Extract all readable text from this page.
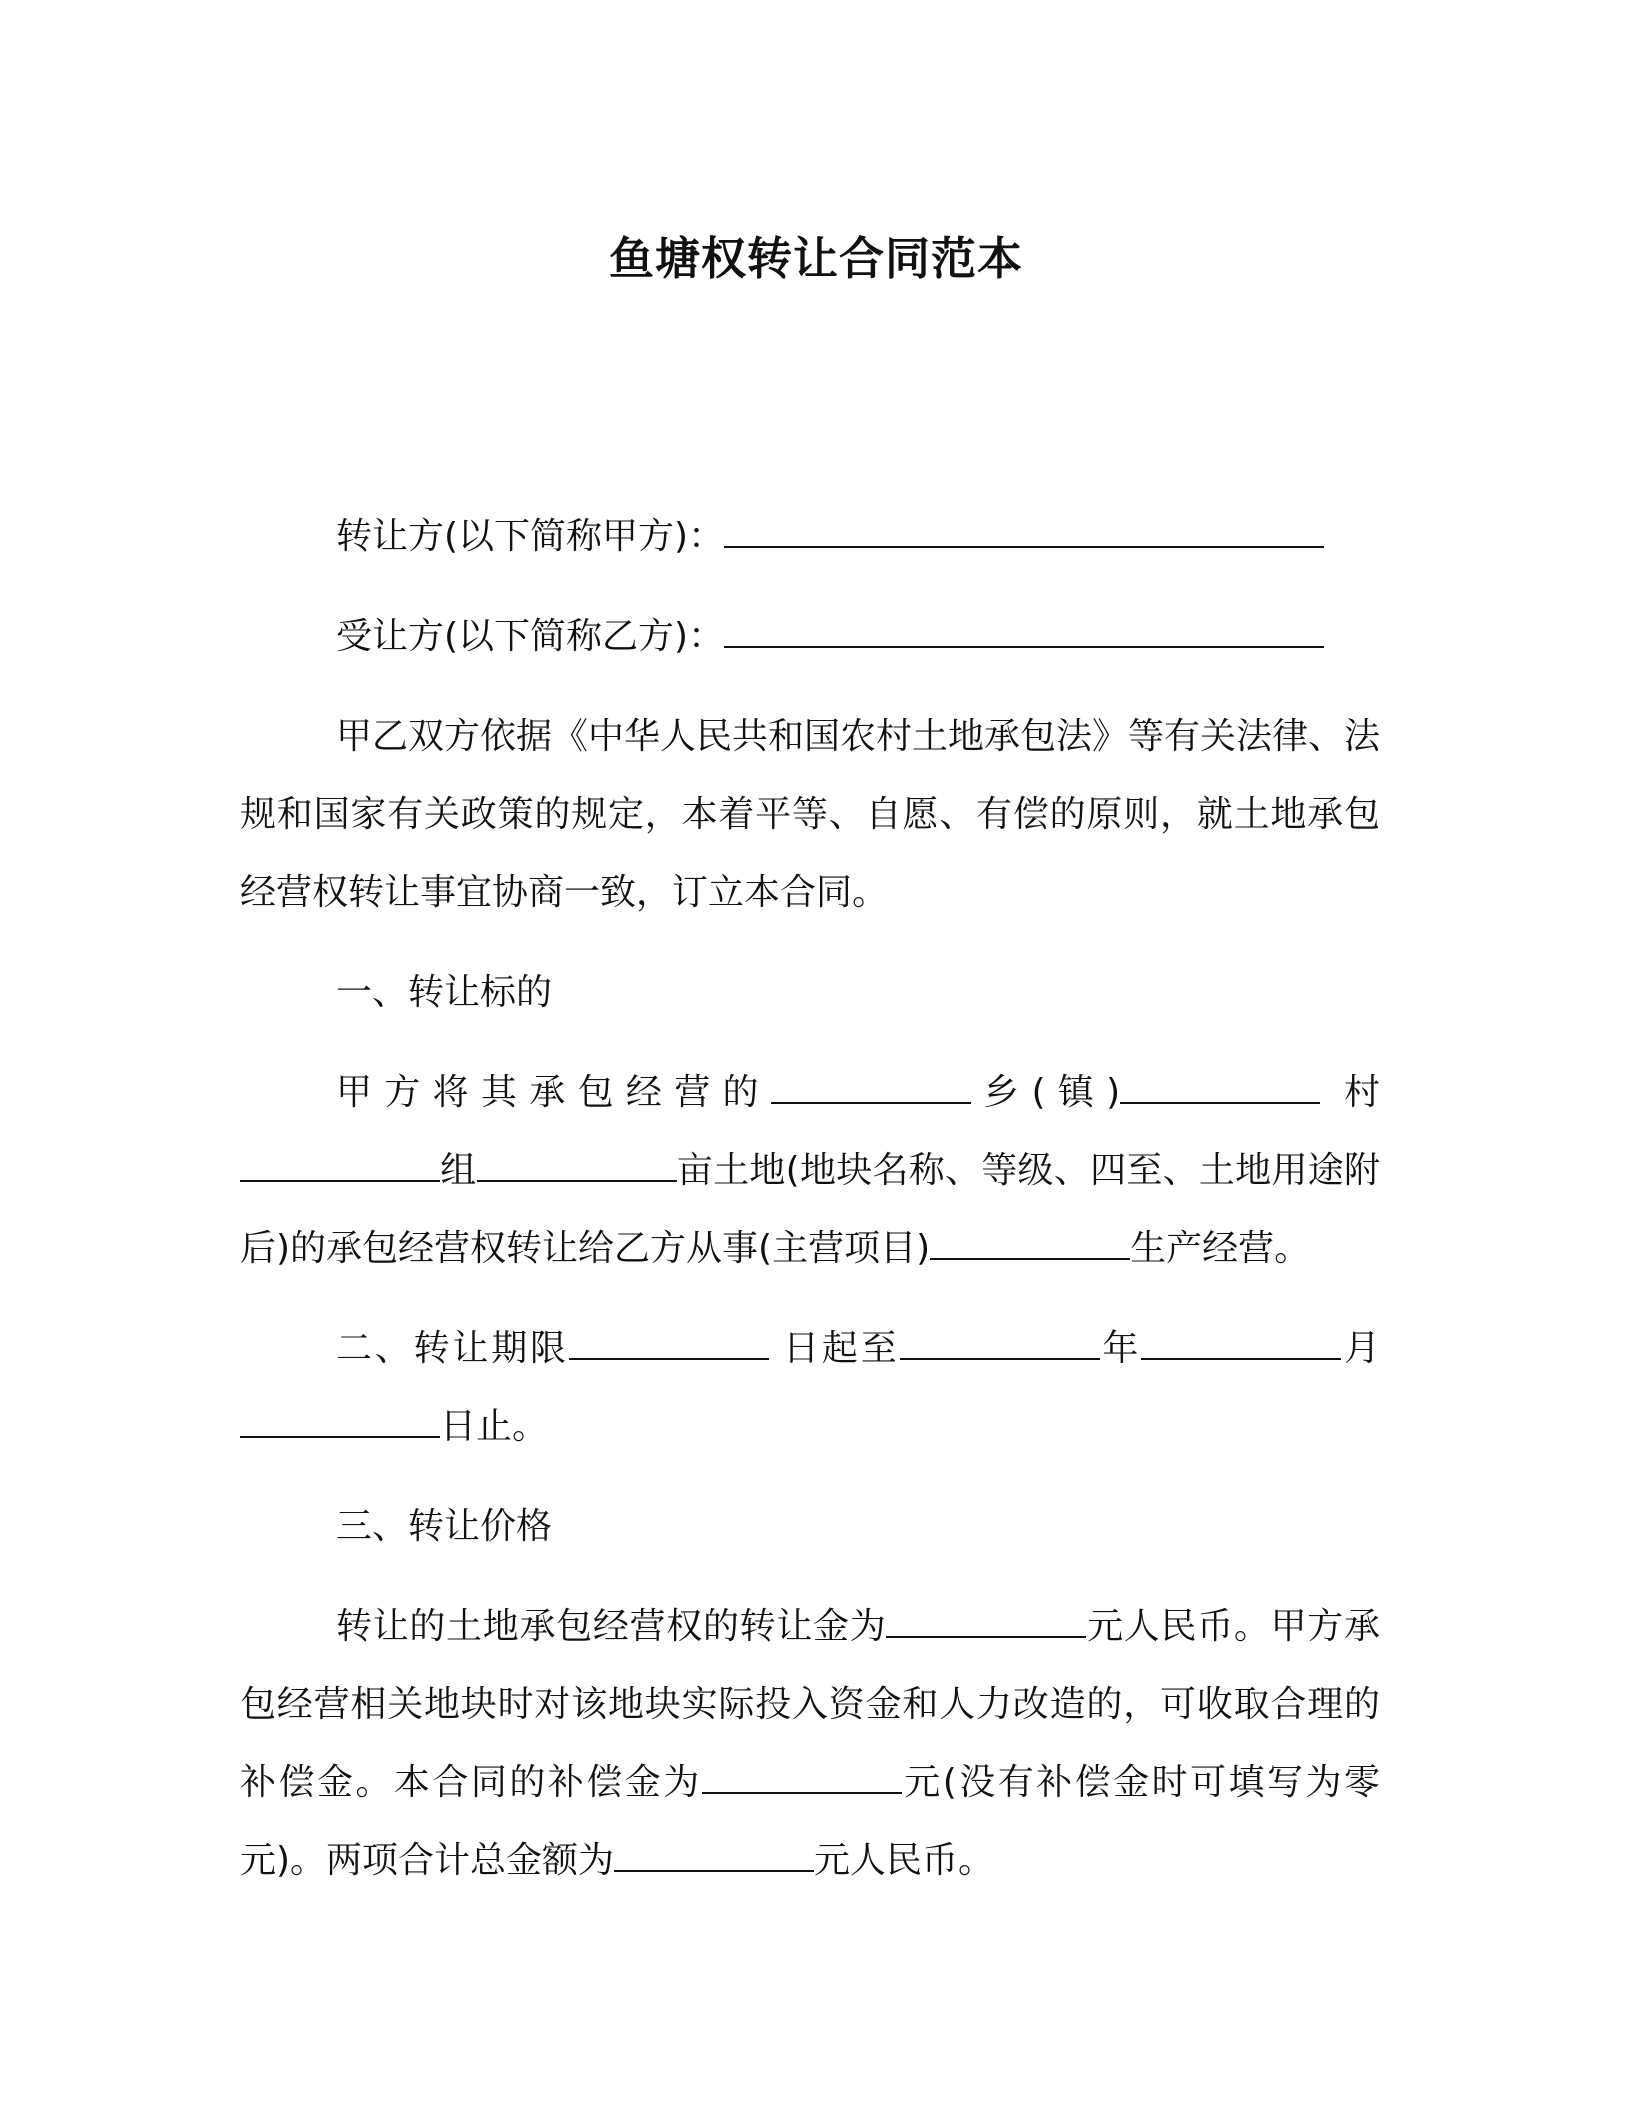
鱼塘权转让合同范本

转让方(以下简称甲方)：

受让方(以下简称乙方)：

甲乙双方依据《中华人民共和国农村土地承包法》等有关法律、法规和国家有关政策的规定，本着平等、自愿、有偿的原则，就土地承包经营权转让事宜协商一致，订立本合同。

一、转让标的

甲方将其承包经营的	乡(镇)	村组	亩土地(地块名称、等级、四至、土地用途附后)的承包经营权转让给乙方从事(主营项目)	生产经营。

二、转让期限	日起至	年	月日止。

三、转让价格

转让的土地承包经营权的转让金为	元人民币。甲方承包经营相关地块时对该地块实际投入资金和人力改造的，可收取合理的补偿金。本合同的补偿金为	元(没有补偿金时可填写为零元)。两项合计总金额为	元人民币。
